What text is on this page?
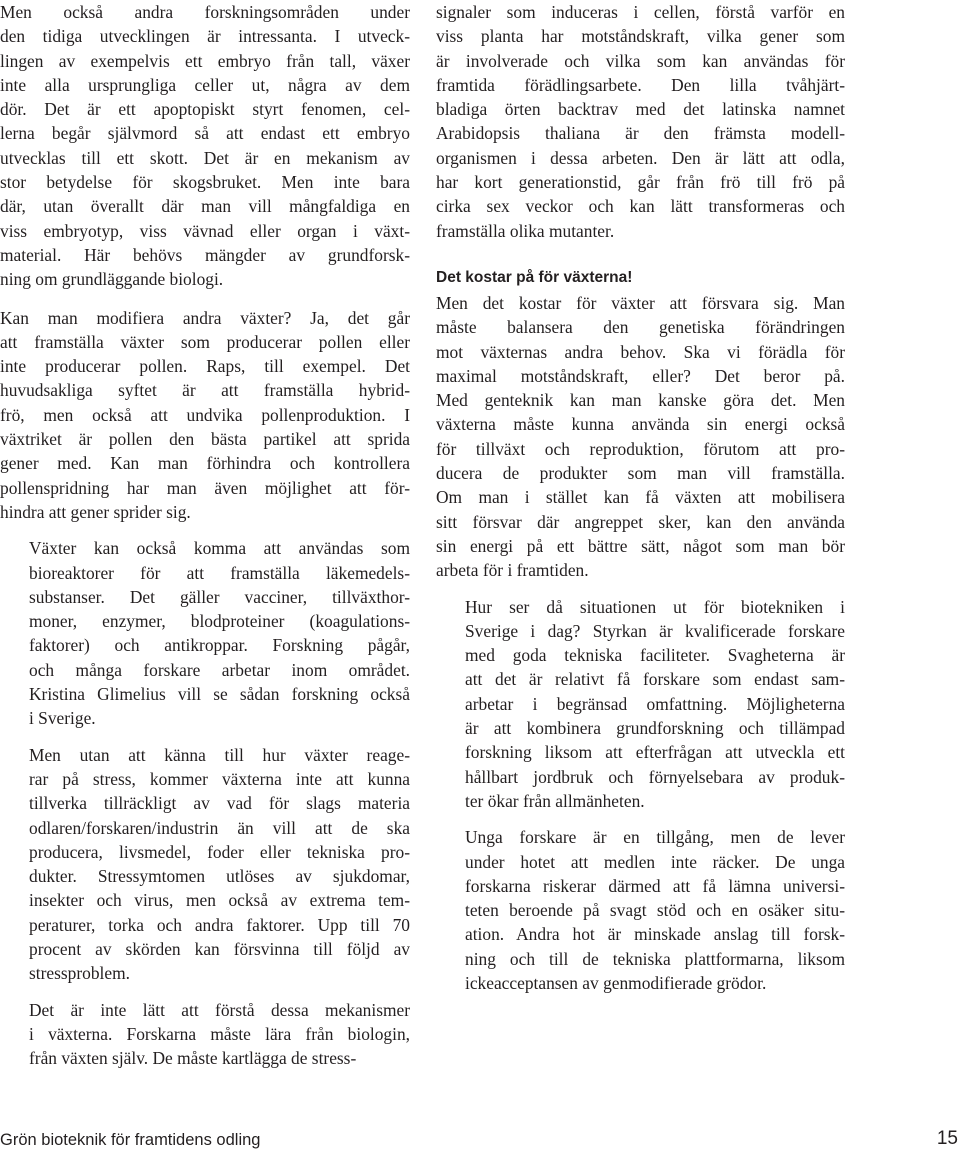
Men också andra forskningsområden under
den tidiga utvecklingen är intressanta. I utveck-
lingen av exempelvis ett embryo från tall, växer
inte alla ursprungliga celler ut, några av dem
dör. Det är ett apoptopiskt styrt fenomen, cel-
lerna begår självmord så att endast ett embryo
utvecklas till ett skott. Det är en mekanism av
stor betydelse för skogsbruket. Men inte bara
där, utan överallt där man vill mångfaldiga en
viss embryotyp, viss vävnad eller organ i växt-
material. Här behövs mängder av grundforsk-
ning om grundläggande biologi.

Kan man modifiera andra växter? Ja, det går
att framställa växter som producerar pollen eller
inte producerar pollen. Raps, till exempel. Det
huvudsakliga syftet är att framställa hybrid-
frö, men också att undvika pollenproduktion. I
växtriket är pollen den bästa partikel att sprida
gener med. Kan man förhindra och kontrollera
pollenspridning har man även möjlighet att för-
hindra att gener sprider sig.

Växter kan också komma att användas som
bioreaktorer för att framställa läkemedels-
substanser. Det gäller vacciner, tillväxthor-
moner, enzymer, blodproteiner (koagulations-
faktorer) och antikroppar. Forskning pågår,
och många forskare arbetar inom området.
Kristina Glimelius vill se sådan forskning också
i Sverige.

Men utan att känna till hur växter reage-
rar på stress, kommer växterna inte att kunna
tillverka tillräckligt av vad för slags materia
odlaren/forskaren/industrin än vill att de ska
producera, livsmedel, foder eller tekniska pro-
dukter. Stressymtomen utlöses av sjukdomar,
insekter och virus, men också av extrema tem-
peraturer, torka och andra faktorer. Upp till 70
procent av skörden kan försvinna till följd av
stressproblem.

Det är inte lätt att förstå dessa mekanismer
i växterna. Forskarna måste lära från biologin,
från växten själv. De måste kartlägga de stress-

signaler som induceras i cellen, förstå varför en
viss planta har motståndskraft, vilka gener som
är involverade och vilka som kan användas för
framtida förädlingsarbete. Den lilla tvåhjärt-
bladiga örten backtrav med det latinska namnet
Arabidopsis thaliana är den främsta modell-
organismen i dessa arbeten. Den är lätt att odla,
har kort generationstid, går från frö till frö på
cirka sex veckor och kan lätt transformeras och
framställa olika mutanter.

Det kostar på för växterna!

Men det kostar för växter att försvara sig. Man
måste balansera den genetiska förändringen
mot växternas andra behov. Ska vi förädla för
maximal motståndskraft, eller? Det beror på.
Med genteknik kan man kanske göra det. Men
växterna måste kunna använda sin energi också
för tillväxt och reproduktion, förutom att pro-
ducera de produkter som man vill framställa.
Om man i stället kan få växten att mobilisera
sitt försvar där angreppet sker, kan den använda
sin energi på ett bättre sätt, något som man bör
arbeta för i framtiden.

Hur ser då situationen ut för biotekniken i
Sverige i dag? Styrkan är kvalificerade forskare
med goda tekniska faciliteter. Svagheterna är
att det är relativt få forskare som endast sam-
arbetar i begränsad omfattning. Möjligheterna
är att kombinera grundforskning och tillämpad
forskning liksom att efterfrågan att utveckla ett
hållbart jordbruk och förnyelsebara av produk-
ter ökar från allmänheten.

Unga forskare är en tillgång, men de lever
under hotet att medlen inte räcker. De unga
forskarna riskerar därmed att få lämna universi-
teten beroende på svagt stöd och en osäker situ-
ation. Andra hot är minskade anslag till forsk-
ning och till de tekniska plattformarna, liksom
ickeacceptansen av genmodifierade grödor.

Grön bioteknik för framtidens odling	15
